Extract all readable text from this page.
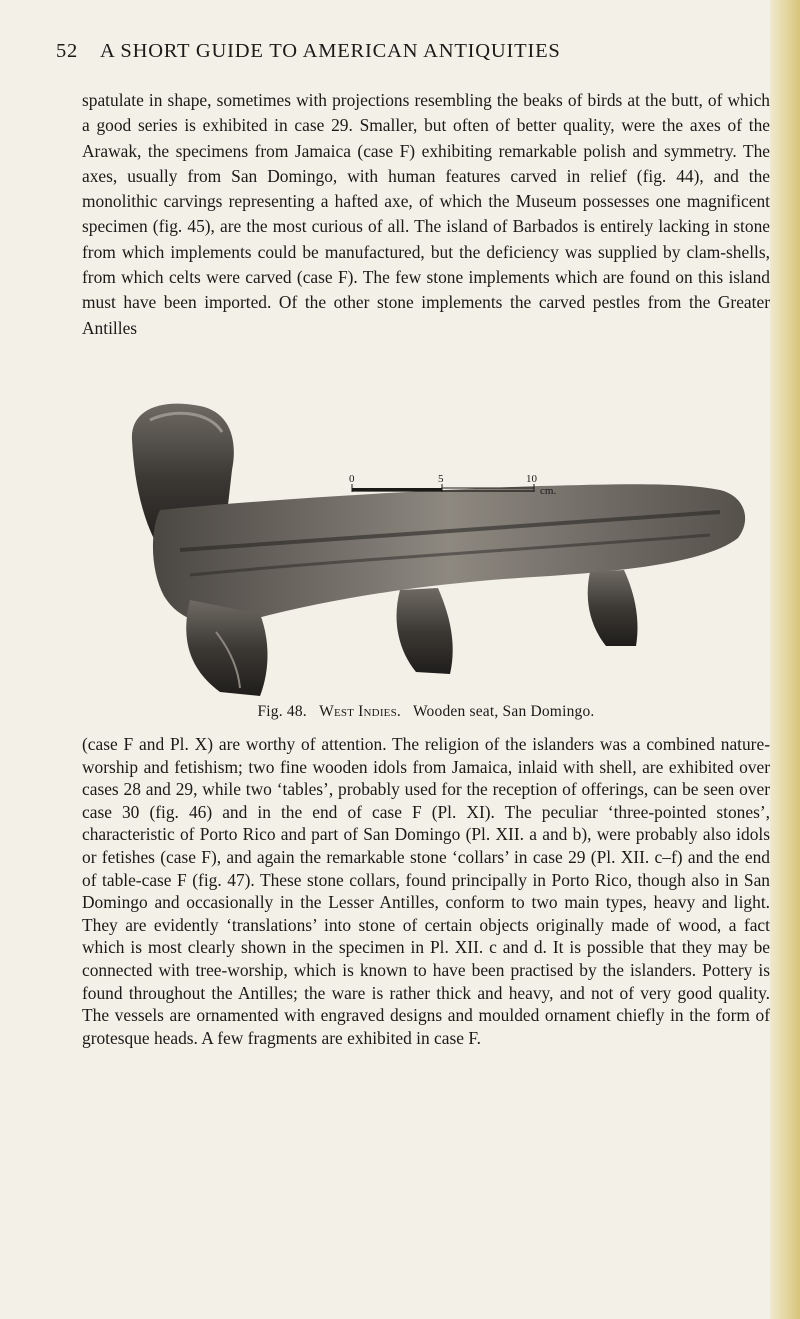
52 A SHORT GUIDE TO AMERICAN ANTIQUITIES

spatulate in shape, sometimes with projections resembling the beaks of birds at the butt, of which a good series is exhibited in case 29. Smaller, but often of better quality, were the axes of the Arawak, the specimens from Jamaica (case F) exhibiting remarkable polish and symmetry. The axes, usually from San Domingo, with human features carved in relief (fig. 44), and the monolithic carvings representing a hafted axe, of which the Museum possesses one magnificent specimen (fig. 45), are the most curious of all. The island of Barbados is entirely lacking in stone from which implements could be manufactured, but the deficiency was supplied by clam-shells, from which celts were carved (case F). The few stone implements which are found on this island must have been imported. Of the other stone implements the carved pestles from the Greater Antilles

0	5	10
cm.
Fig. 48. West Indies. Wooden seat, San Domingo.

(case F and Pl. X) are worthy of attention. The religion of the islanders was a combined nature-worship and fetishism; two fine wooden idols from Jamaica, inlaid with shell, are exhibited over cases 28 and 29, while two ‘tables’, probably used for the reception of offerings, can be seen over case 30 (fig. 46) and in the end of case F (Pl. XI). The peculiar ‘three-pointed stones’, characteristic of Porto Rico and part of San Domingo (Pl. XII. a and b), were probably also idols or fetishes (case F), and again the remarkable stone ‘collars’ in case 29 (Pl. XII. c–f) and the end of table-case F (fig. 47). These stone collars, found principally in Porto Rico, though also in San Domingo and occasionally in the Lesser Antilles, conform to two main types, heavy and light. They are evidently ‘translations’ into stone of certain objects originally made of wood, a fact which is most clearly shown in the specimen in Pl. XII. c and d. It is possible that they may be connected with tree-worship, which is known to have been practised by the islanders. Pottery is found throughout the Antilles; the ware is rather thick and heavy, and not of very good quality. The vessels are ornamented with engraved designs and moulded ornament chiefly in the form of grotesque heads. A few fragments are exhibited in case F.
